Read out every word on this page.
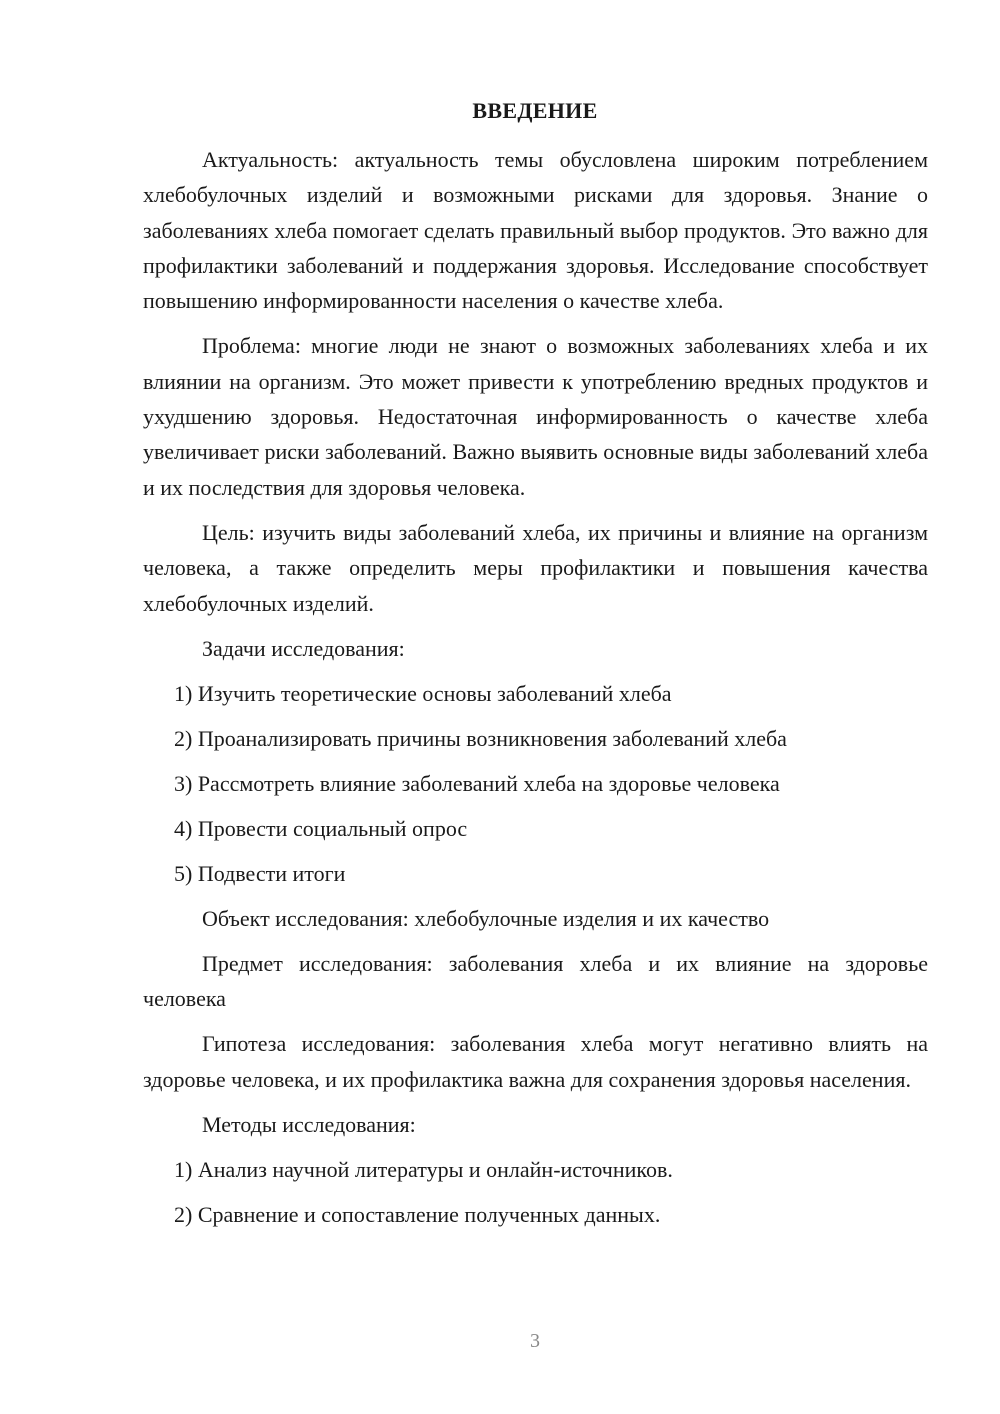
ВВЕДЕНИЕ

Актуальность: актуальность темы обусловлена широким потреблением хлебобулочных изделий и возможными рисками для здоровья. Знание о заболеваниях хлеба помогает сделать правильный выбор продуктов. Это важно для профилактики заболеваний и поддержания здоровья. Исследование способствует повышению информированности населения о качестве хлеба.

Проблема: многие люди не знают о возможных заболеваниях хлеба и их влиянии на организм. Это может привести к употреблению вредных продуктов и ухудшению здоровья. Недостаточная информированность о качестве хлеба увеличивает риски заболеваний. Важно выявить основные виды заболеваний хлеба и их последствия для здоровья человека.

Цель: изучить виды заболеваний хлеба, их причины и влияние на организм человека, а также определить меры профилактики и повышения качества хлебобулочных изделий.

Задачи исследования:

1) Изучить теоретические основы заболеваний хлеба

2) Проанализировать причины возникновения заболеваний хлеба

3) Рассмотреть влияние заболеваний хлеба на здоровье человека

4) Провести социальный опрос

5) Подвести итоги

Объект исследования: хлебобулочные изделия и их качество

Предмет исследования: заболевания хлеба и их влияние на здоровье человека

Гипотеза исследования: заболевания хлеба могут негативно влиять на здоровье человека, и их профилактика важна для сохранения здоровья населения.

Методы исследования:

1) Анализ научной литературы и онлайн-источников.

2) Сравнение и сопоставление полученных данных.

3
